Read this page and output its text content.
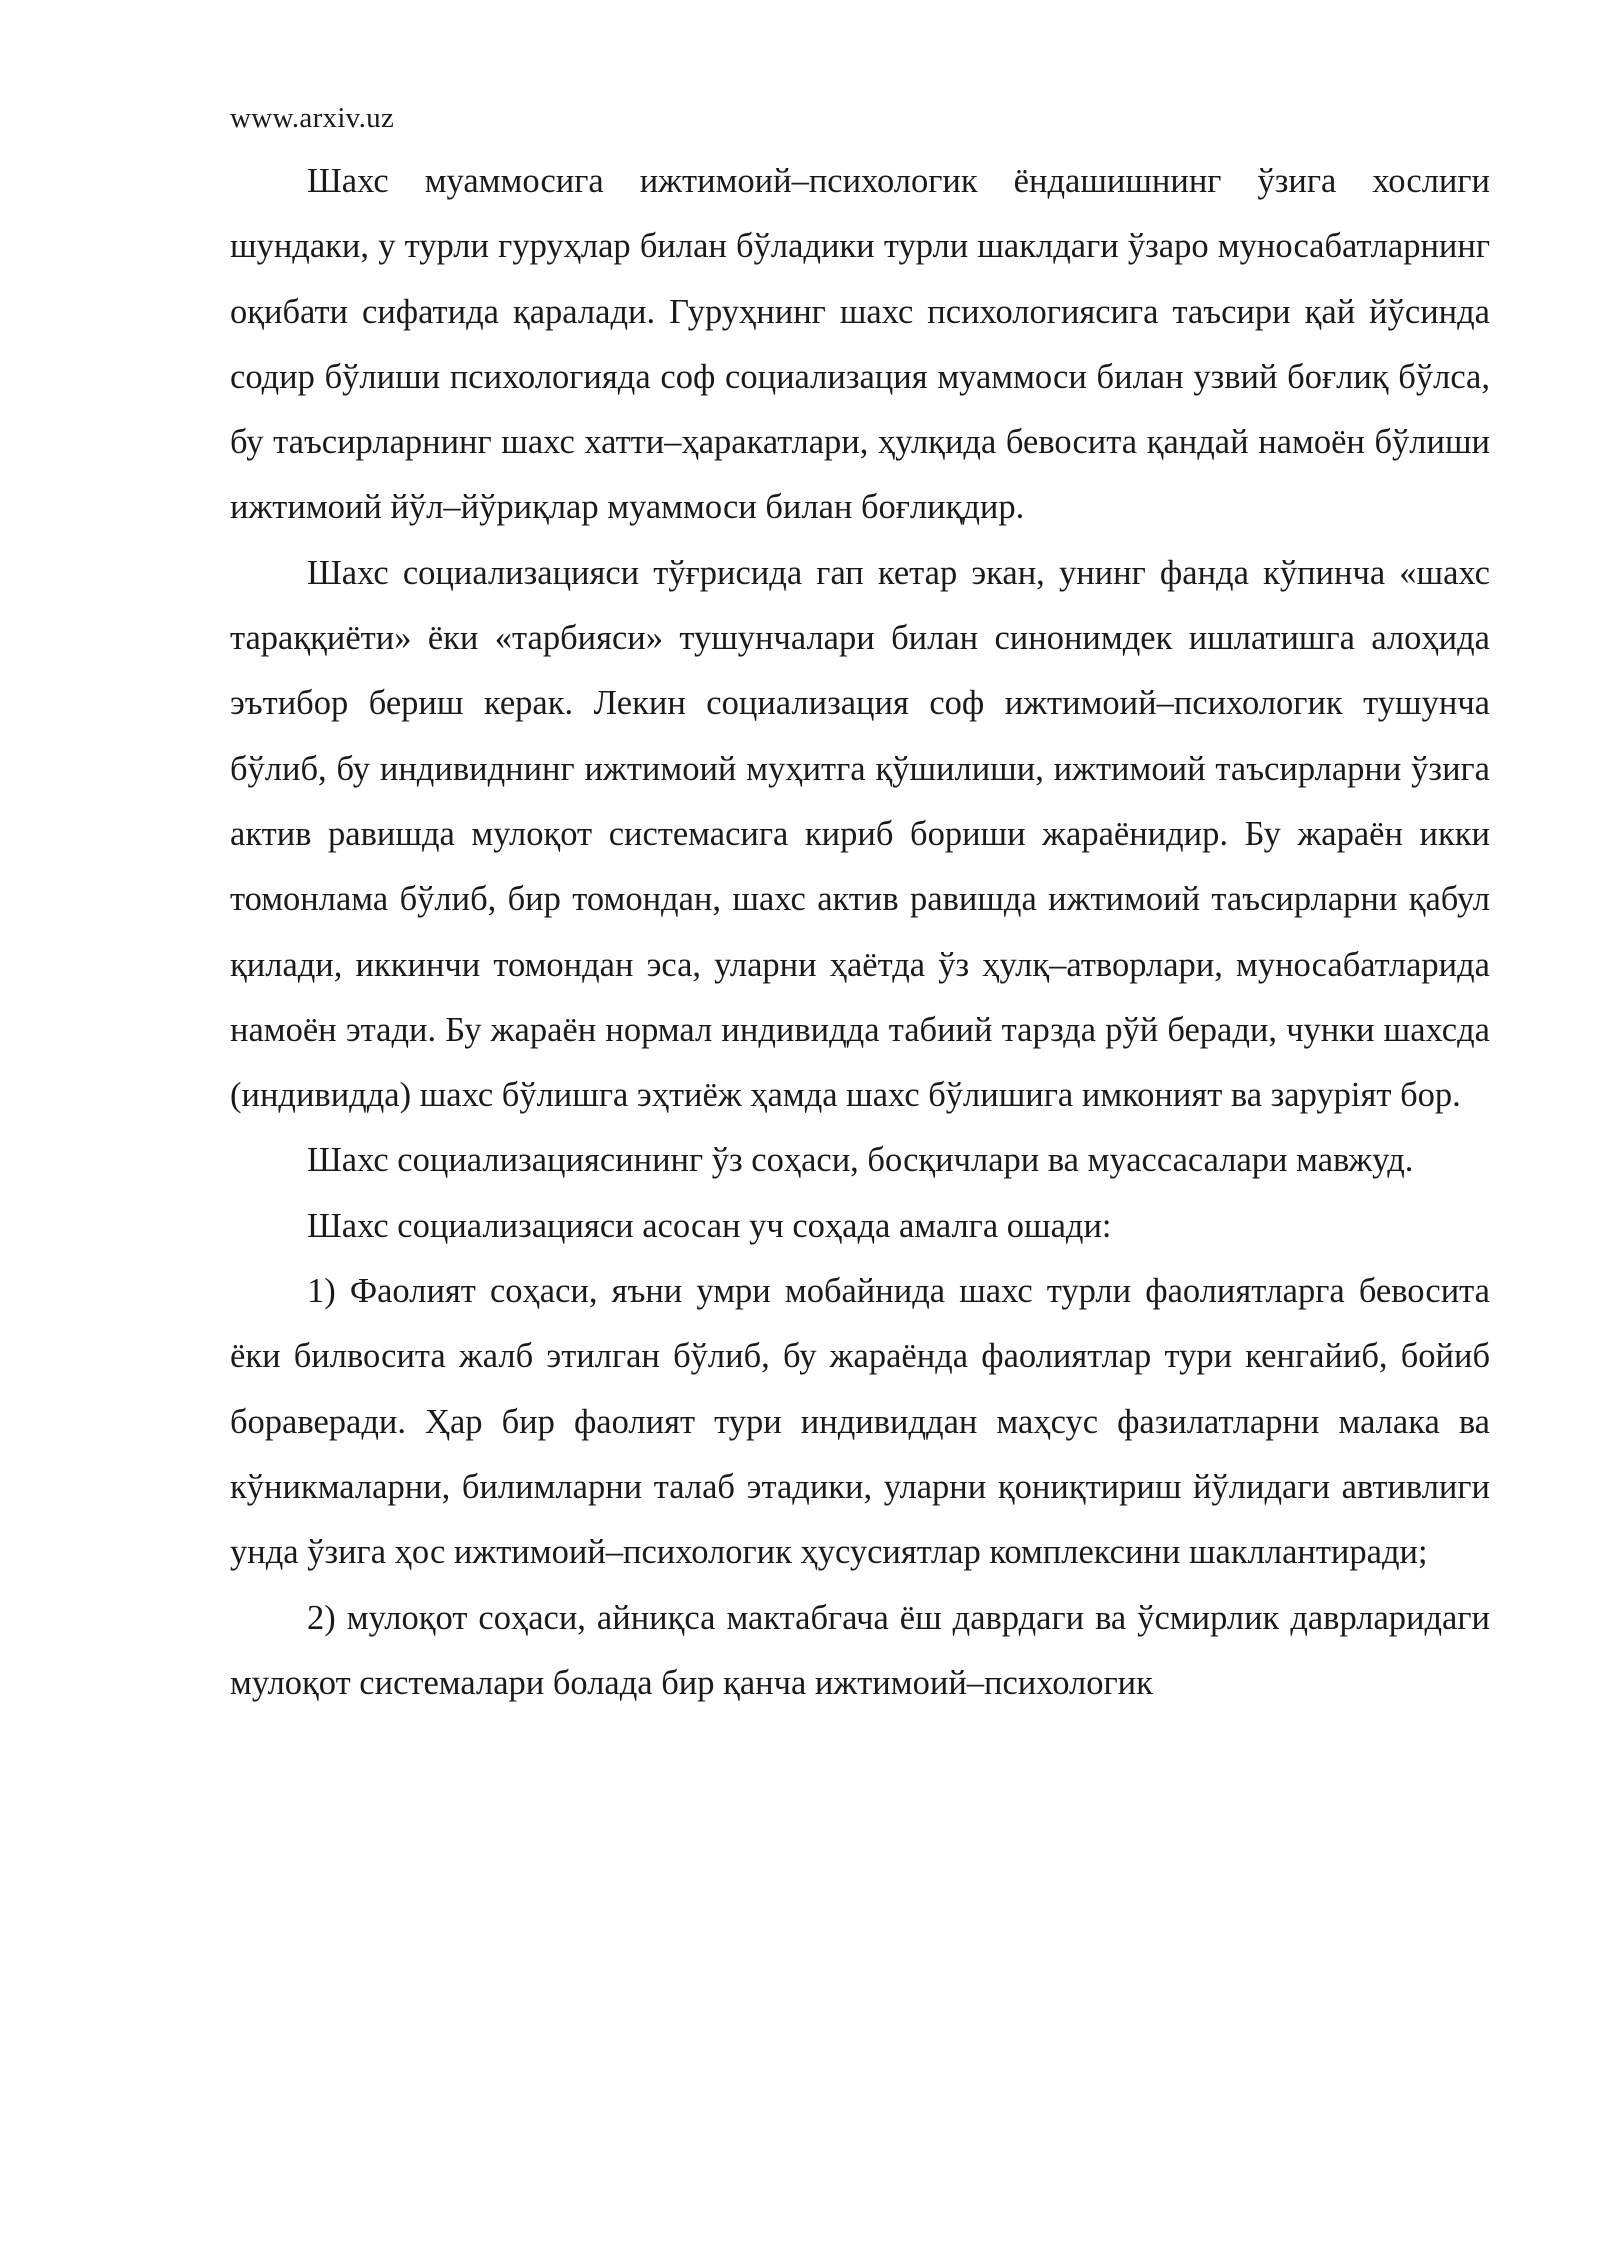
www.arxiv.uz

Шахс муаммосига ижтимоий–психологик ёндашишнинг ўзига хослиги шундаки, у турли гуруҳлар билан бўладики турли шаклдаги ўзаро муносабатларнинг оқибати сифатида қаралади. Гуруҳнинг шахс психологиясига таъсири қай йўсинда содир бўлиши психологияда соф социализация муаммоси билан узвий боғлиқ бўлса, бу таъсирларнинг шахс хатти–ҳаракатлари, ҳулқида бевосита қандай намоён бўлиши ижтимоий йўл–йўриқлар муаммоси билан боғлиқдир.

Шахс социализацияси тўғрисида гап кетар экан, унинг фанда кўпинча «шахс тараққиёти» ёки «тарбияси» тушунчалари билан синонимдек ишлатишга алоҳида эътибор бериш керак. Лекин социализация соф ижтимоий–психологик тушунча бўлиб, бу индивиднинг ижтимоий муҳитга қўшилиши, ижтимоий таъсирларни ўзига актив равишда мулоқот системасига кириб бориши жараёнидир. Бу жараён икки томонлама бўлиб, бир томондан, шахс актив равишда ижтимоий таъсирларни қабул қилади, иккинчи томондан эса, уларни ҳаётда ўз ҳулқ–атворлари, муносабатларида намоён этади. Бу жараён нормал индивидда табиий тарзда рўй беради, чунки шахсда (индивидда) шахс бўлишга эҳтиёж ҳамда шахс бўлишига имконият ва заруріят бор.

Шахс социализациясининг ўз соҳаси, босқичлари ва муассасалари мавжуд.

Шахс социализацияси асосан уч соҳада амалга ошади:

1) Фаолият соҳаси, яъни умри мобайнида шахс турли фаолиятларга бевосита ёки билвосита жалб этилган бўлиб, бу жараёнда фаолиятлар тури кенгайиб, бойиб бораверади. Ҳар бир фаолият тури индивиддан маҳсус фазилатларни малака ва кўникмаларни, билимларни талаб этадики, уларни қониқтириш йўлидаги автивлиги унда ўзига ҳос ижтимоий–психологик ҳусусиятлар комплексини шакллантиради;

2) мулоқот соҳаси, айниқса мактабгача ёш даврдаги ва ўсмирлик даврларидаги мулоқот системалари болада бир қанча ижтимоий–психологик
